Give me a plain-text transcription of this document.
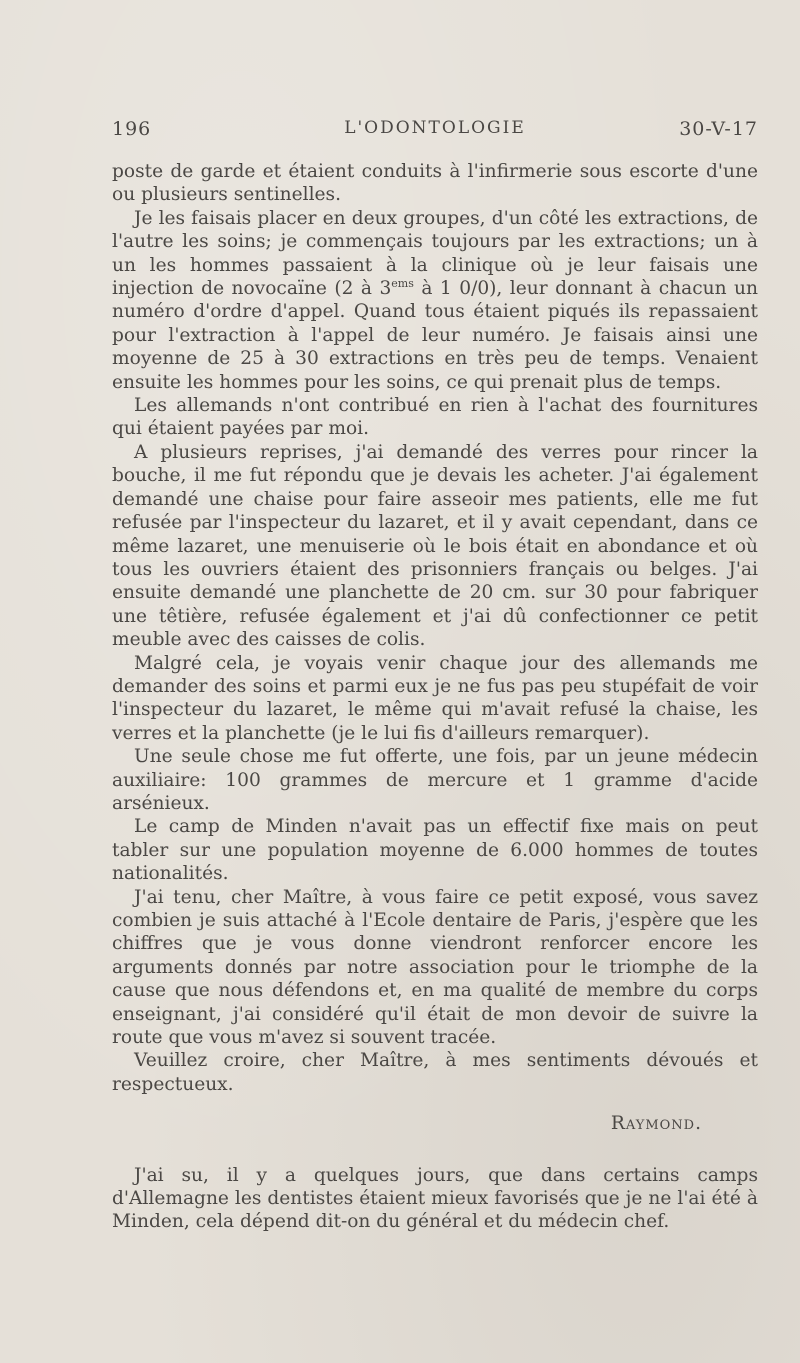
196	L'ODONTOLOGIE	30-V-17

poste de garde et étaient conduits à l'infirmerie sous escorte d'une ou plusieurs sentinelles.

Je les faisais placer en deux groupes, d'un côté les extractions, de l'autre les soins; je commençais toujours par les extractions; un à un les hommes passaient à la clinique où je leur faisais une injection de novocaïne (2 à $3^{ems}$ à 1 0/0), leur donnant à chacun un numéro d'ordre d'appel. Quand tous étaient piqués ils repassaient pour l'extraction à l'appel de leur numéro. Je faisais ainsi une moyenne de 25 à 30 extractions en très peu de temps. Venaient ensuite les hommes pour les soins, ce qui prenait plus de temps.

Les allemands n'ont contribué en rien à l'achat des fournitures qui étaient payées par moi.

A plusieurs reprises, j'ai demandé des verres pour rincer la bouche, il me fut répondu que je devais les acheter. J'ai également demandé une chaise pour faire asseoir mes patients, elle me fut refusée par l'inspecteur du lazaret, et il y avait cependant, dans ce même lazaret, une menuiserie où le bois était en abondance et où tous les ouvriers étaient des prisonniers français ou belges. J'ai ensuite demandé une planchette de 20 cm. sur 30 pour fabriquer une têtière, refusée également et j'ai dû confectionner ce petit meuble avec des caisses de colis.

Malgré cela, je voyais venir chaque jour des allemands me demander des soins et parmi eux je ne fus pas peu stupéfait de voir l'inspecteur du lazaret, le même qui m'avait refusé la chaise, les verres et la planchette (je le lui fis d'ailleurs remarquer).

Une seule chose me fut offerte, une fois, par un jeune médecin auxiliaire: 100 grammes de mercure et 1 gramme d'acide arsénieux.

Le camp de Minden n'avait pas un effectif fixe mais on peut tabler sur une population moyenne de 6.000 hommes de toutes nationalités.

J'ai tenu, cher Maître, à vous faire ce petit exposé, vous savez combien je suis attaché à l'Ecole dentaire de Paris, j'espère que les chiffres que je vous donne viendront renforcer encore les arguments donnés par notre association pour le triomphe de la cause que nous défendons et, en ma qualité de membre du corps enseignant, j'ai considéré qu'il était de mon devoir de suivre la route que vous m'avez si souvent tracée.

Veuillez croire, cher Maître, à mes sentiments dévoués et respectueux.

Raymond.

J'ai su, il y a quelques jours, que dans certains camps d'Allemagne les dentistes étaient mieux favorisés que je ne l'ai été à Minden, cela dépend dit-on du général et du médecin chef.
